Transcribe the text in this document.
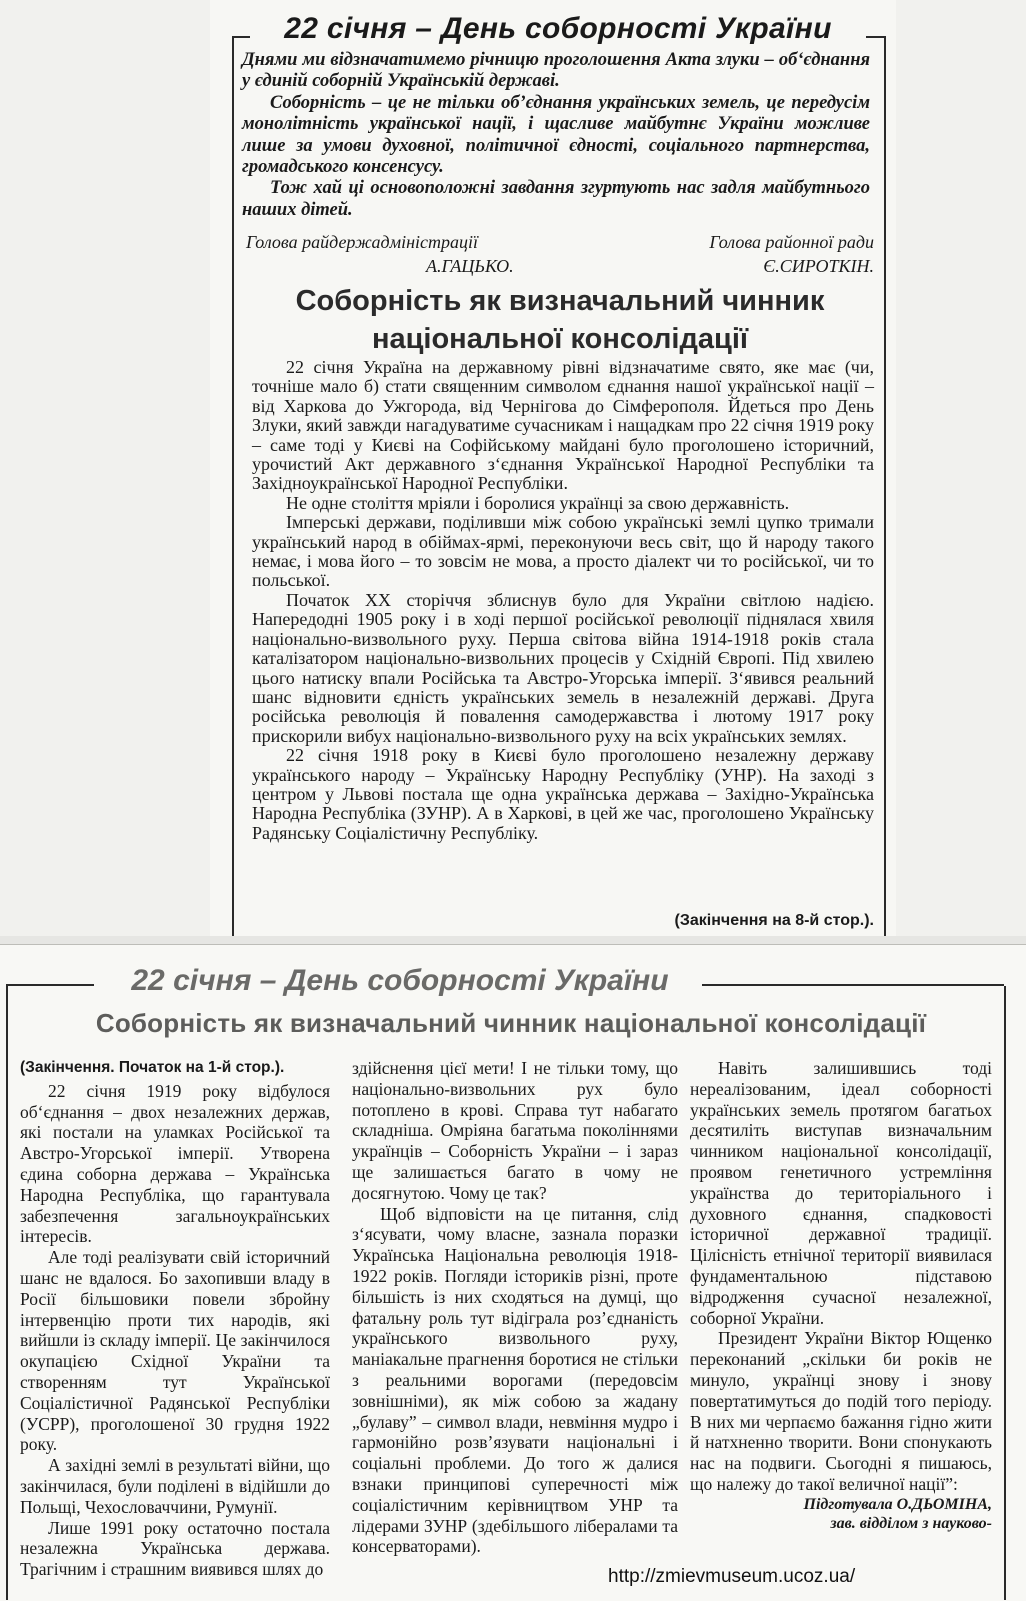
22 січня – День соборності України

Днями ми відзначатимемо річницю проголошення Акта злуки – об‘єднання у єдиній соборній Українській державі.

Соборність – це не тільки об’єднання українських земель, це передусім монолітність української нації, і щасливе майбутнє України можливе лише за умови духовної, політичної єдності, соціального партнерства, громадського консенсусу.

Тож хай ці основоположні завдання згуртують нас задля майбутнього наших дітей.

Голова райдержадміністрації
А.ГАЦЬКО.
Голова районної ради
Є.СИРОТКІН.
Соборність як визначальний чинник національної консолідації

22 січня Україна на державному рівні відзначатиме свято, яке має (чи, точніше мало б) стати священним символом єднання нашої української нації – від Харкова до Ужгорода, від Чернігова до Сімферополя. Йдеться про День Злуки, який завжди нагадуватиме сучасникам і нащадкам про 22 січня 1919 року – саме тоді у Києві на Софійському майдані було проголошено історичний, урочистий Акт державного з‘єднання Української Народної Республіки та Західноукраїнської Народної Республіки.

Не одне століття мріяли і боролися українці за свою державність.

Імперські держави, поділивши між собою українські землі цупко тримали український народ в обіймах-ярмі, переконуючи весь світ, що й народу такого немає, і мова його – то зовсім не мова, а просто діалект чи то російської, чи то польської.

Початок ХХ сторіччя зблиснув було для України світлою надією. Напередодні 1905 року і в ході першої російської революції піднялася хвиля національно-визвольного руху. Перша світова війна 1914-1918 років стала каталізатором національно-визвольних процесів у Східній Європі. Під хвилею цього натиску впали Російська та Австро-Угорська імперії. З‘явився реальний шанс відновити єдність українських земель в незалежній державі. Друга російська революція й повалення самодержавства і лютому 1917 року прискорили вибух національно-визвольного руху на всіх українських землях.

22 січня 1918 року в Києві було проголошено незалежну державу українського народу – Українську Народну Республіку (УНР). На заході з центром у Львові постала ще одна українська держава – Західно-Українська Народна Республіка (ЗУНР). А в Харкові, в цей же час, проголошено Українську Радянську Соціалістичну Республіку.

(Закінчення на 8-й стор.).
22 січня – День соборності України
Соборність як визначальний чинник національної консолідації

(Закінчення. Початок на 1-й стор.).

22 січня 1919 року відбулося об‘єднання – двох незалежних держав, які постали на уламках Російської та Австро-Угорської імперії. Утворена єдина соборна держава – Українська Народна Республіка, що гарантувала забезпечення загальноукраїнських інтересів.

Але тоді реалізувати свій історичний шанс не вдалося. Бо захопивши владу в Росії більшовики повели збройну інтервенцію проти тих народів, які вийшли із складу імперії. Це закінчилося окупацією Східної України та створенням тут Української Соціалістичної Радянської Республіки (УСРР), проголошеної 30 грудня 1922 року.

А західні землі в результаті війни, що закінчилася, були поділені в відійшли до Польщі, Чехословаччини, Румунії.

Лише 1991 року остаточно постала незалежна Українська держава. Трагічним і страшним виявився шлях до

здійснення цієї мети! І не тільки тому, що національно-визвольних рух було потоплено в крові. Справа тут набагато складніша. Омріяна багатьма поколіннями українців – Соборність України – і зараз ще залишається багато в чому не досягнутою. Чому це так?

Щоб відповісти на це питання, слід з‘ясувати, чому власне, зазнала поразки Українська Національна революція 1918-1922 років. Погляди істориків різні, проте більшість із них сходяться на думці, що фатальну роль тут відіграла роз’єднаність українського визвольного руху, маніакальне прагнення боротися не стільки з реальними ворогами (передовсім зовнішніми), як між собою за жадану „булаву” – символ влади, невміння мудро і гармонійно розв’язувати національні і соціальні проблеми. До того ж далися взнаки принципові суперечності між соціалістичним керівництвом УНР та лідерами ЗУНР (здебільшого лібералами та консерваторами).

Навіть залишившись тоді нереалізованим, ідеал соборності українських земель протягом багатьох десятиліть виступав визначальним чинником національної консолідації, проявом генетичного устремління українства до територіального і духовного єднання, спадковості історичної державної традиції. Цілісність етнічної території виявилася фундаментальною підставою відродження сучасної незалежної, соборної України.

Президент України Віктор Ющенко переконаний „скільки би років не минуло, українці знову і знову повертатимуться до подій того періоду. В них ми черпаємо бажання гідно жити й натхненно творити. Вони спонукають нас на подвиги. Сьогодні я пишаюсь, що належу до такої величної нації”:

Підготувала О.ДЬОМІНА,
зав. відділом з науково-
http://zmievmuseum.ucoz.ua/
